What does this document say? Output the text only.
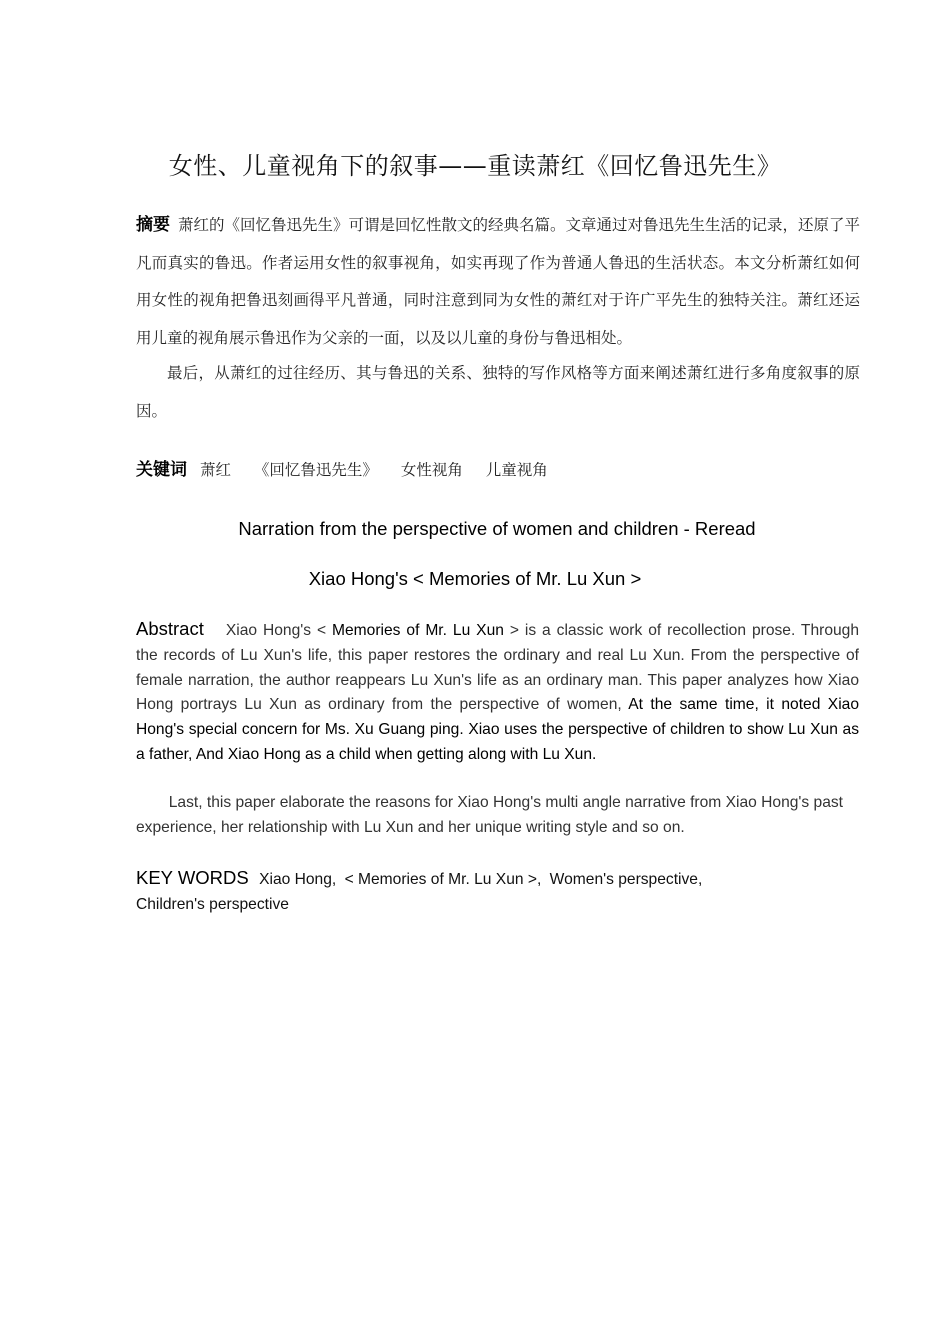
女性、儿童视角下的叙事——重读萧红《回忆鲁迅先生》
摘要 萧红的《回忆鲁迅先生》可谓是回忆性散文的经典名篇。文章通过对鲁迅先生生活的记录，还原了平凡而真实的鲁迅。作者运用女性的叙事视角，如实再现了作为普通人鲁迅的生活状态。本文分析萧红如何用女性的视角把鲁迅刻画得平凡普通，同时注意到同为女性的萧红对于许广平先生的独特关注。萧红还运用儿童的视角展示鲁迅作为父亲的一面，以及以儿童的身份与鲁迅相处。
最后，从萧红的过往经历、其与鲁迅的关系、独特的写作风格等方面来阐述萧红进行多角度叙事的原因。
关键词 萧红 《回忆鲁迅先生》 女性视角 儿童视角
Narration from the perspective of women and children - Reread
Xiao Hong's < Memories of Mr. Lu Xun >
Abstract Xiao Hong's < Memories of Mr. Lu Xun > is a classic work of recollection prose. Through the records of Lu Xun's life, this paper restores the ordinary and real Lu Xun. From the perspective of female narration, the author reappears Lu Xun's life as an ordinary man. This paper analyzes how Xiao Hong portrays Lu Xun as ordinary from the perspective of women, At the same time, it noted Xiao Hong's special concern for Ms. Xu Guang ping. Xiao uses the perspective of children to show Lu Xun as a father, And Xiao Hong as a child when getting along with Lu Xun.
Last, this paper elaborate the reasons for Xiao Hong's multi angle narrative from Xiao Hong's past experience, her relationship with Lu Xun and her unique writing style and so on.
KEY WORDS Xiao Hong, < Memories of Mr. Lu Xun >, Women's perspective,
Children's perspective
